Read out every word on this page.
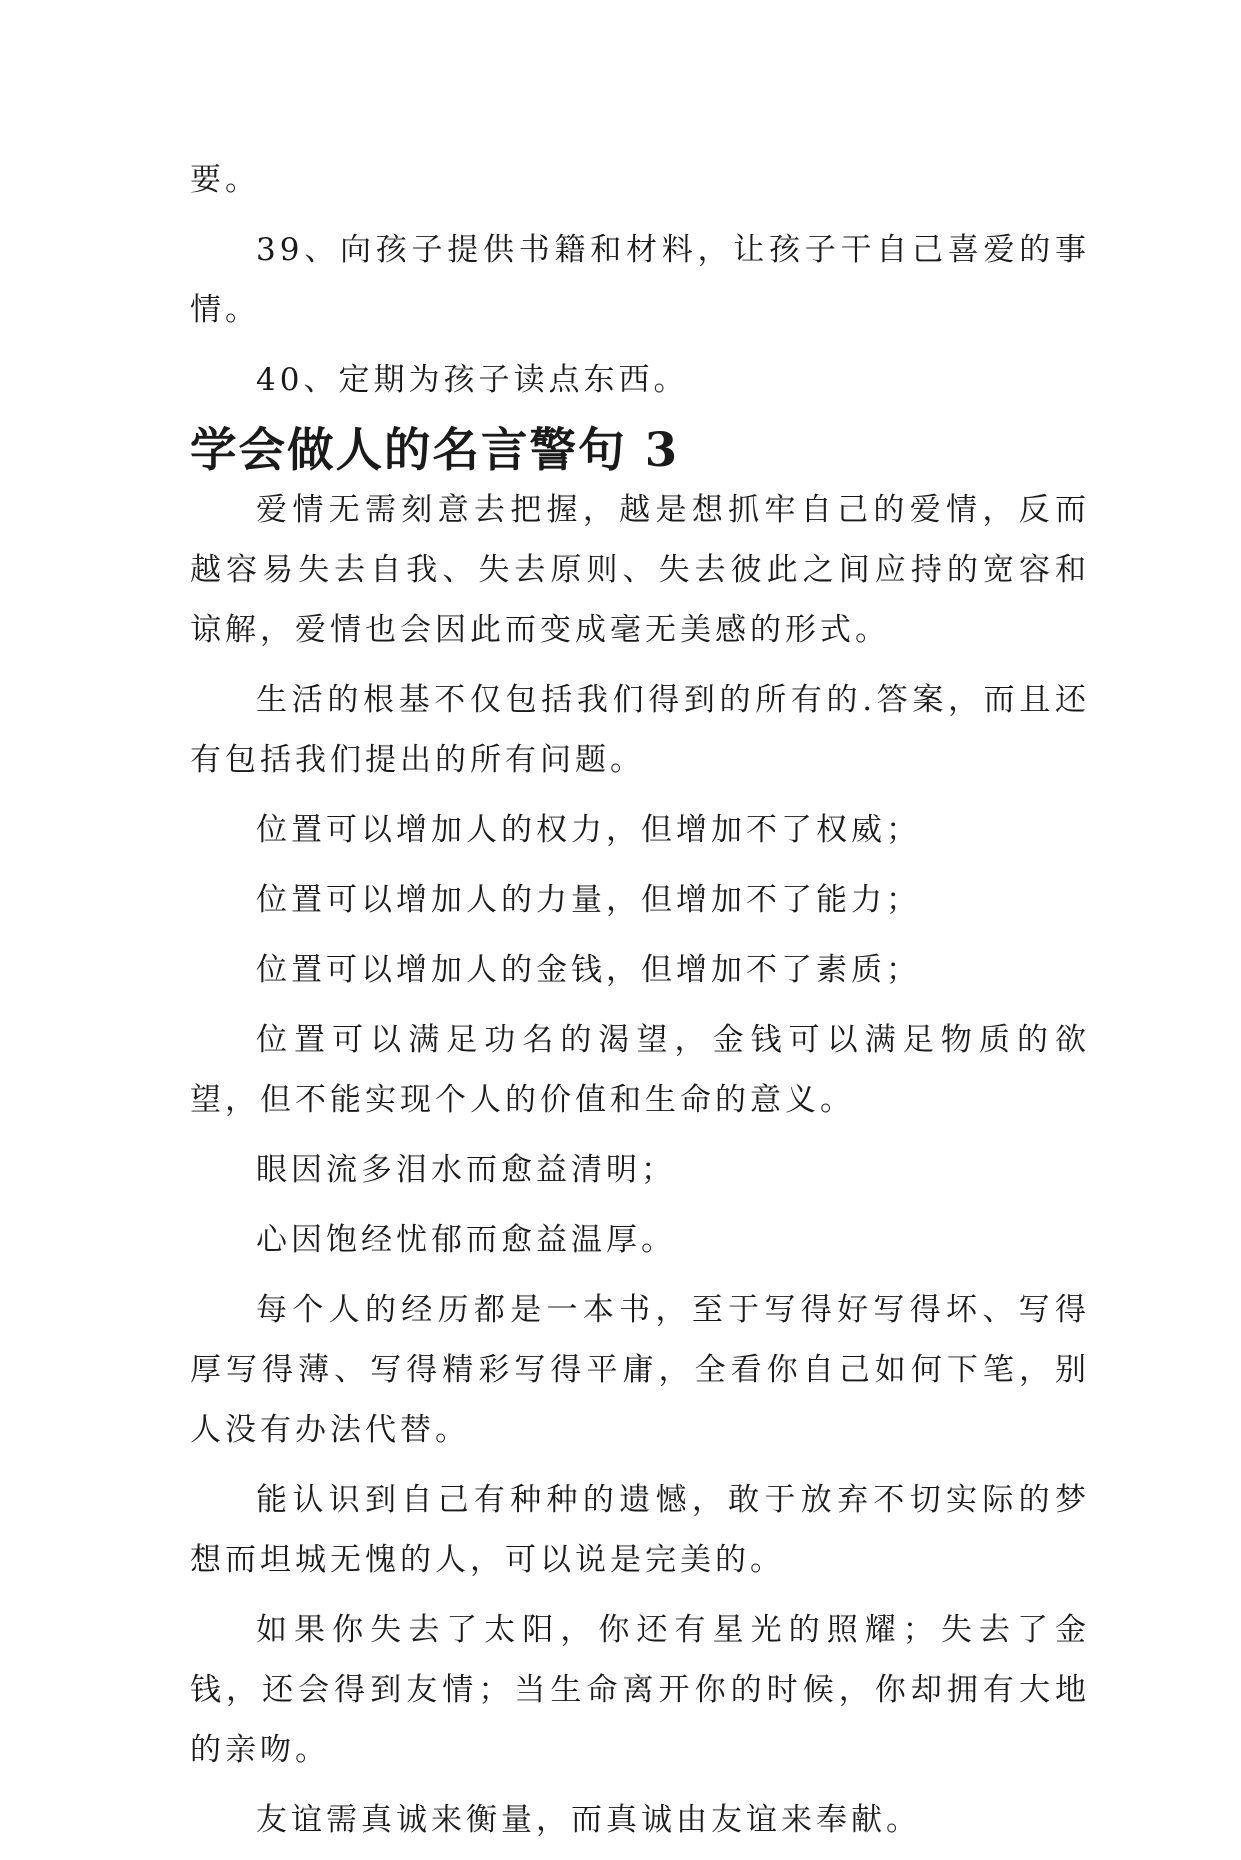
要。

39、向孩子提供书籍和材料，让孩子干自己喜爱的事情。

40、定期为孩子读点东西。

学会做人的名言警句 3

爱情无需刻意去把握，越是想抓牢自己的爱情，反而越容易失去自我、失去原则、失去彼此之间应持的宽容和谅解，爱情也会因此而变成毫无美感的形式。

生活的根基不仅包括我们得到的所有的.答案，而且还有包括我们提出的所有问题。

位置可以增加人的权力，但增加不了权威；

位置可以增加人的力量，但增加不了能力；

位置可以增加人的金钱，但增加不了素质；

位置可以满足功名的渴望，金钱可以满足物质的欲望，但不能实现个人的价值和生命的意义。

眼因流多泪水而愈益清明；

心因饱经忧郁而愈益温厚。

每个人的经历都是一本书，至于写得好写得坏、写得厚写得薄、写得精彩写得平庸，全看你自己如何下笔，别人没有办法代替。

能认识到自己有种种的遗憾，敢于放弃不切实际的梦想而坦城无愧的人，可以说是完美的。

如果你失去了太阳，你还有星光的照耀；失去了金钱，还会得到友情；当生命离开你的时候，你却拥有大地的亲吻。

友谊需真诚来衡量，而真诚由友谊来奉献。
